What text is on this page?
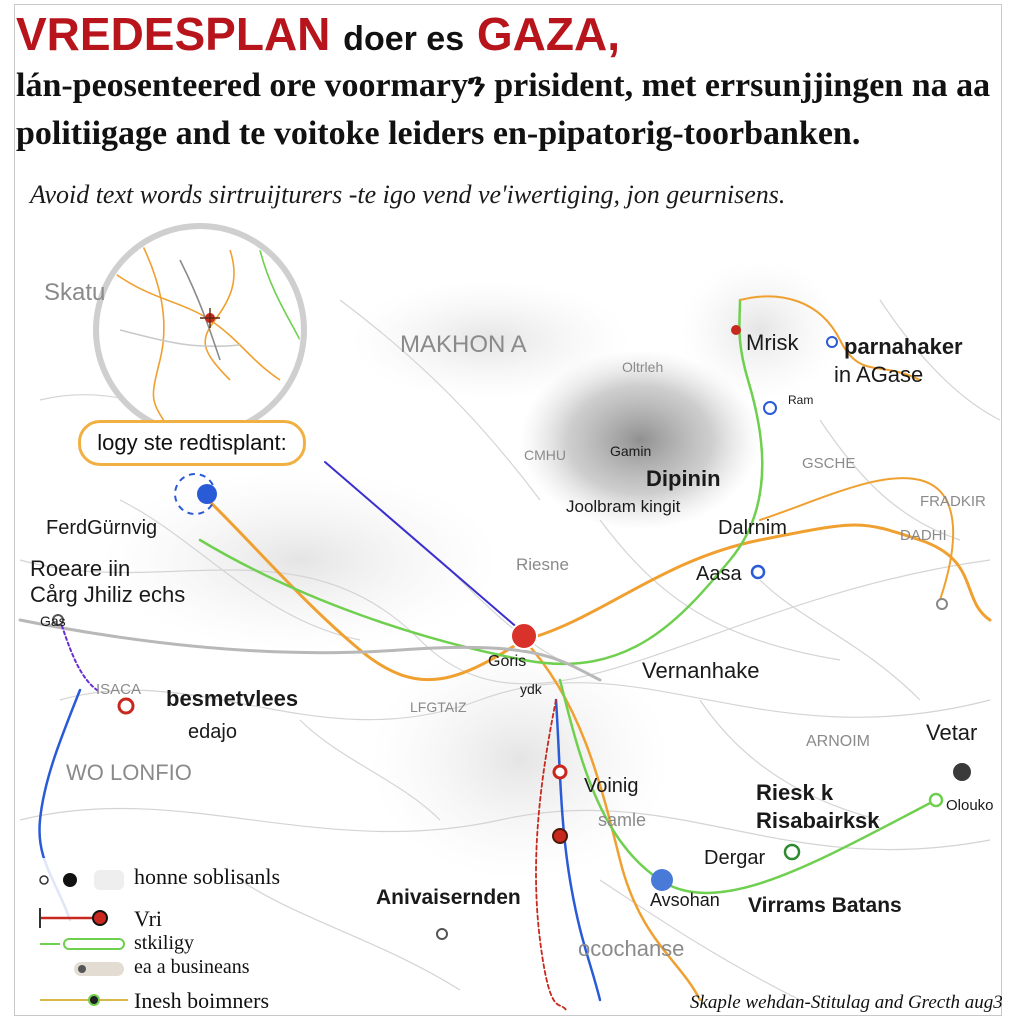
Skatu
MAKHON A
Oltrleh
Mrisk parnahaker
in AGase
Ram
CMHU	Gamin
GSCHE
Dipinin
Joolbram kingit	FRADKIR
FerdGürnvig	Dalrnim	DADHI
Roeare iin
Cårg Jhiliz echs
Riesne	Aasa
Gas
Goris	Vernanhake
ISACA	ydk
LFGTAIZ
besmetvlees
edajo	ARNOIM	Vetar
WO LONFIO
Voinig
samle
Riesk k
Risabairksk
Olouko
Dergar
Anivaisernden	Avsohan Virrams Batans
ocochanse
VREDESPLAN doer es GAZA,

lán-peosenteered ore voormaryን prisident, met errsunjjingen na aa

politiigage and te voitoke leiders en-pipatorig-toorbanken.

Avoid text words sirtruijturers -te igo vend ve'iwertiging, jon geurnisens.

logy ste redtisplant:
honne soblisanls
Vri
stkiligy
ea a busineans
Inesh boimners	Skaple wehdan-Stitulag and Grecth aug3
